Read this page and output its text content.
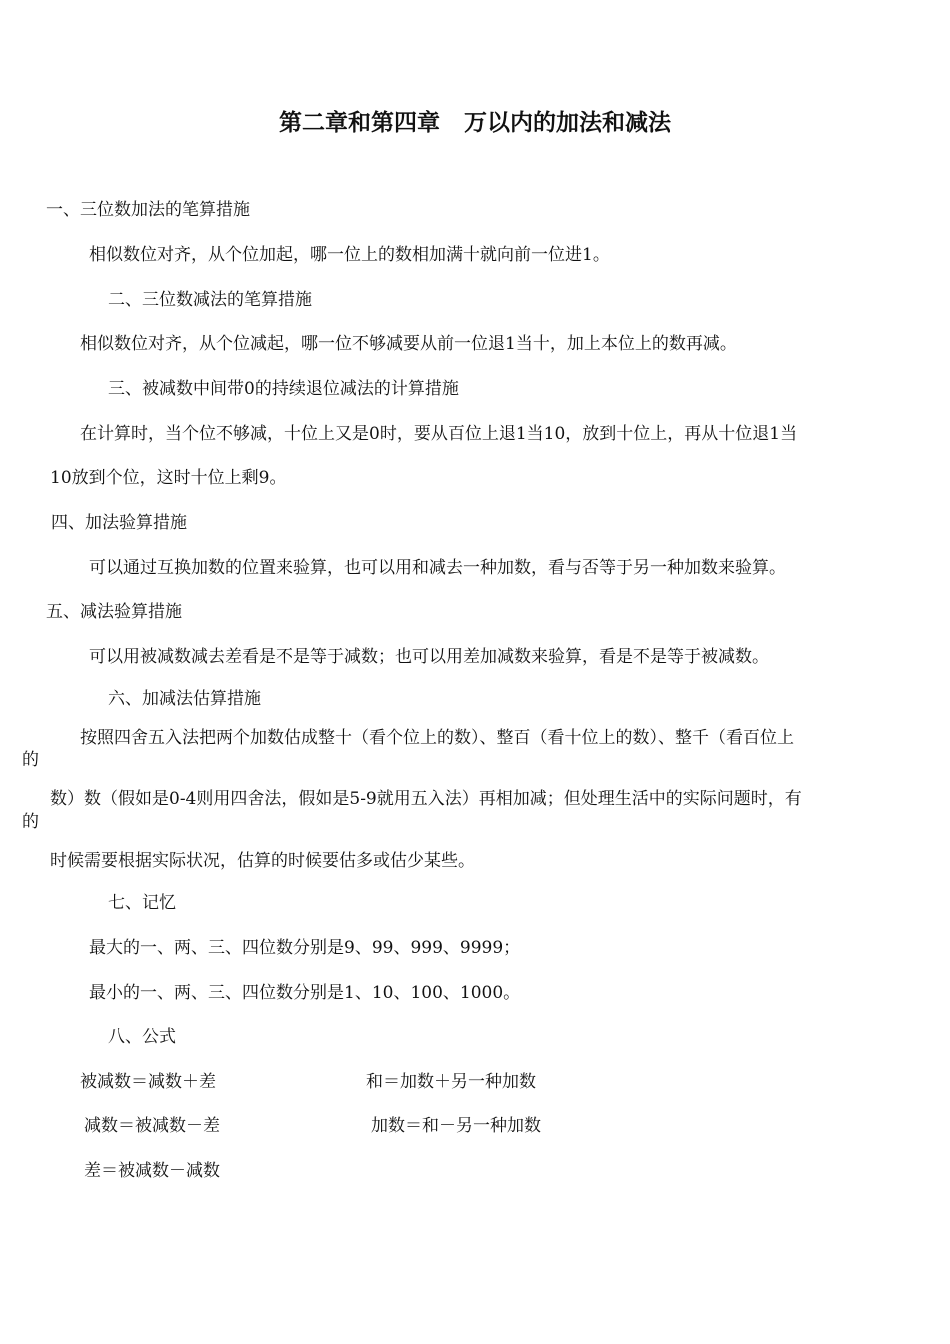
第二章和第四章   万以内的加法和减法
一、三位数加法的笔算措施
相似数位对齐，从个位加起，哪一位上的数相加满十就向前一位进1。
二、三位数减法的笔算措施
相似数位对齐，从个位减起，哪一位不够减要从前一位退1当十，加上本位上的数再减。
三、被减数中间带0的持续退位减法的计算措施
在计算时，当个位不够减，十位上又是0时，要从百位上退1当10，放到十位上，再从十位退1当
10放到个位，这时十位上剩9。
四、加法验算措施
可以通过互换加数的位置来验算，也可以用和减去一种加数，看与否等于另一种加数来验算。
五、减法验算措施
可以用被减数减去差看是不是等于减数；也可以用差加减数来验算，看是不是等于被减数。
六、加减法估算措施
按照四舍五入法把两个加数估成整十（看个位上的数）、整百（看十位上的数）、整千（看百位上
的
数）数（假如是0-4则用四舍法，假如是5-9就用五入法）再相加减；但处理生活中的实际问题时，有
的
时候需要根据实际状况，估算的时候要估多或估少某些。
七、记忆
最大的一、两、三、四位数分别是9、99、999、9999；
最小的一、两、三、四位数分别是1、10、100、1000。
八、公式
被减数＝减数＋差	和＝加数＋另一种加数
减数＝被减数－差	加数＝和－另一种加数
差＝被减数－减数
